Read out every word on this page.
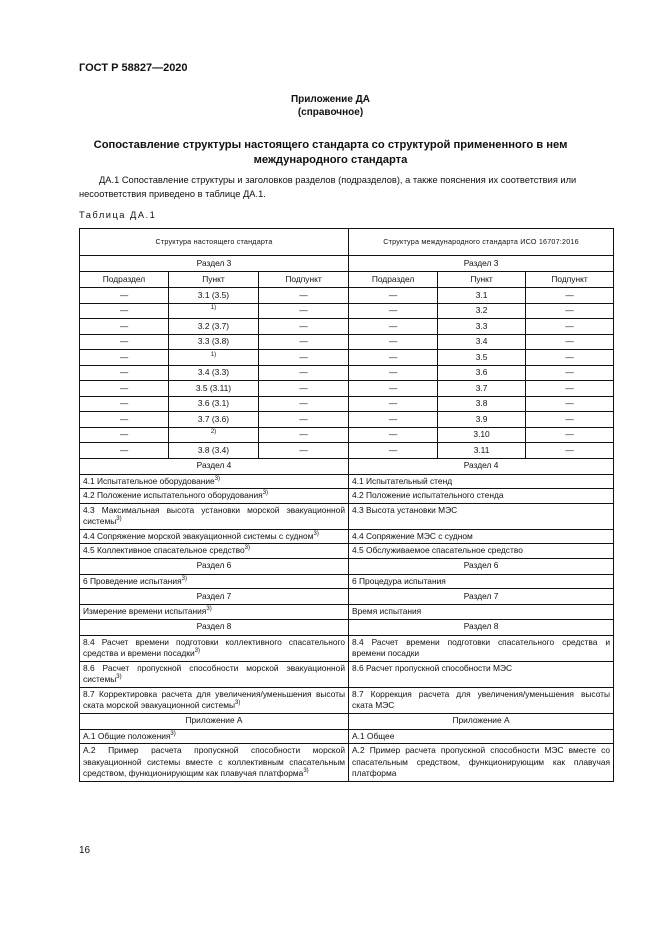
ГОСТ Р 58827—2020
Приложение ДА
(справочное)
Сопоставление структуры настоящего стандарта со структурой примененного в нем
международного стандарта
ДА.1 Сопоставление структуры и заголовков разделов (подразделов), а также пояснения их соответствия или
несоответствия приведено в таблице ДА.1.
Таблица ДА.1
Структура настоящего стандарта			Структура международного стандарта ИСО 16707:2016		
Раздел 3			Раздел 3		
Подраздел	Пункт	Подпункт	Подраздел	Пункт	Подпункт
—	3.1 (3.5)	—	—	3.1	—
—	$^{1)}$	—	—	3.2	—
—	3.2 (3.7)	—	—	3.3	—
—	3.3 (3.8)	—	—	3.4	—
—	$^{1)}$	—	—	3.5	—
—	3.4 (3.3)	—	—	3.6	—
—	3.5 (3.11)	—	—	3.7	—
—	3.6 (3.1)	—	—	3.8	—
—	3.7 (3.6)	—	—	3.9	—
—	$^{2)}$	—	—	3.10	—
—	3.8 (3.4)	—	—	3.11	—
Раздел 4			Раздел 4		
4.1 Испытательное оборудование$^{3)}$			4.1 Испытательный стенд		
4.2 Положение испытательного оборудования$^{3)}$			4.2 Положение испытательного стенда		
4.3 Максимальная высота установки морской эвакуационной системы$^{3)}$			4.3 Высота установки МЭС		
4.4 Сопряжение морской эвакуационной системы с судном$^{3)}$			4.4 Сопряжение МЭС с судном		
4.5 Коллективное спасательное средство$^{3)}$			4.5 Обслуживаемое спасательное средство		
Раздел 6			Раздел 6		
6 Проведение испытания$^{3)}$			6 Процедура испытания		
Раздел 7			Раздел 7		
Измерение времени испытания$^{3)}$			Время испытания		
Раздел 8			Раздел 8		
8.4 Расчет времени подготовки коллективного спасательного средства и времени посадки$^{3)}$			8.4 Расчет времени подготовки спасательного средства и времени посадки		
8.6 Расчет пропускной способности морской эвакуационной системы$^{3)}$			8.6 Расчет пропускной способности МЭС		
8.7 Корректировка расчета для увеличения/уменьшения высоты ската морской эвакуационной системы$^{3)}$			8.7 Коррекция расчета для увеличения/уменьшения высоты ската МЭС		
Приложение А			Приложение А		
А.1 Общие положения$^{3)}$			А.1 Общее		
А.2 Пример расчета пропускной способности морской эвакуационной системы вместе с коллективным спасательным средством, функционирующим как плавучая платформа$^{3)}$			А.2 Пример расчета пропускной способности МЭС вместе со спасательным средством, функционирующим как плавучая платформа		
16
